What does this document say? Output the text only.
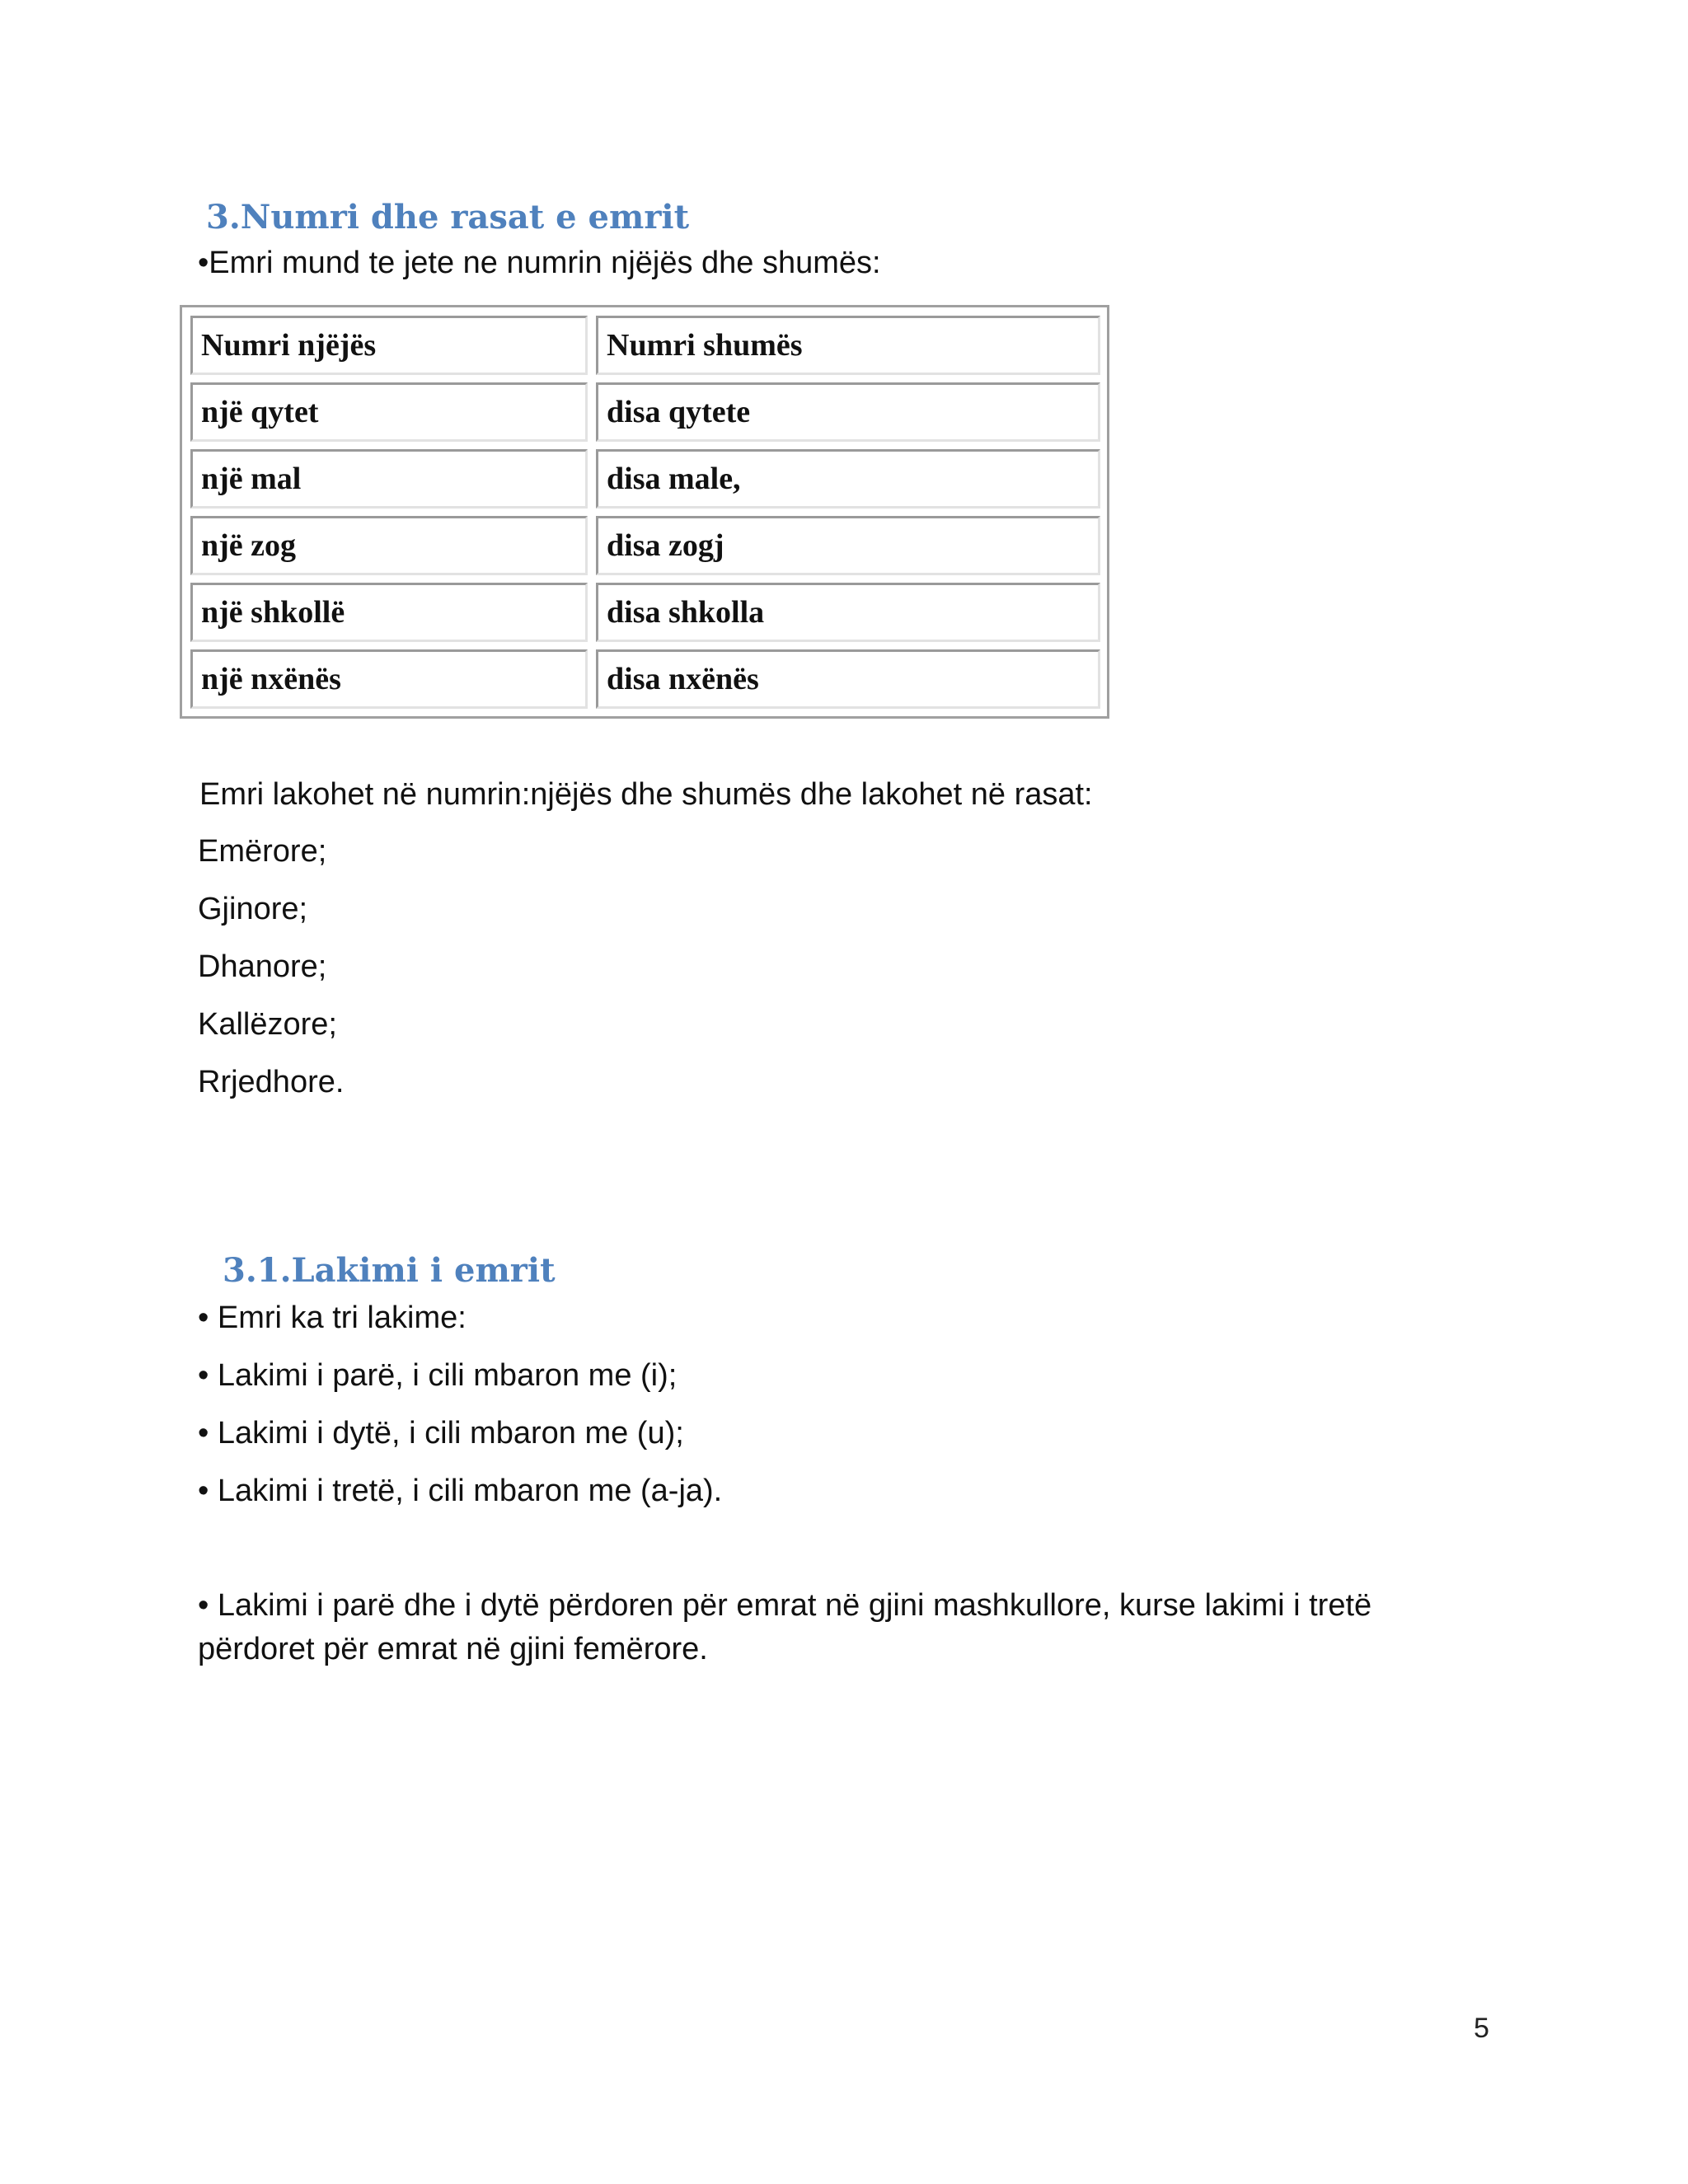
3.Numri dhe rasat e emrit
•Emri mund te jete ne numrin njëjës dhe shumës:
Numri njëjës	Numri shumës
një qytet	disa qytete
një mal	disa male,
një zog	disa zogj
një shkollë	disa shkolla
një nxënës	disa nxënës
Emri lakohet në numrin:njëjës dhe shumës dhe lakohet në rasat:
Emërore;
Gjinore;
Dhanore;
Kallëzore;
Rrjedhore.
3.1.Lakimi i emrit
• Emri ka tri lakime:
• Lakimi i parë, i cili mbaron me (i);
• Lakimi i dytë, i cili mbaron me (u);
• Lakimi i tretë, i cili mbaron me (a-ja).
• Lakimi i parë dhe i dytë përdoren për emrat në gjini mashkullore, kurse lakimi i tretë përdoret për emrat në gjini femërore.
5
